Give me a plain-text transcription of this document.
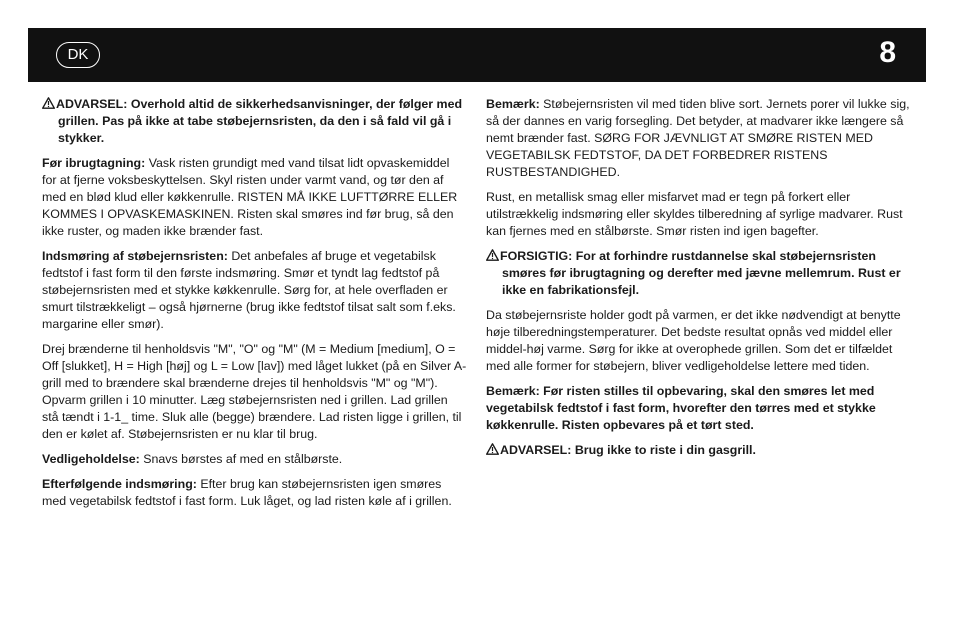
DK	8

ADVARSEL: Overhold altid de sikkerhedsanvisninger, der følger med grillen. Pas på ikke at tabe støbejernsristen, da den i så fald vil gå i stykker.

Før ibrugtagning: Vask risten grundigt med vand tilsat lidt opvaskemiddel for at fjerne voksbeskyttelsen. Skyl risten under varmt vand, og tør den af med en blød klud eller køkkenrulle. RISTEN MÅ IKKE LUFTTØRRE ELLER KOMMES I OPVASKEMASKINEN. Risten skal smøres ind før brug, så den ikke ruster, og maden ikke brænder fast.

Indsmøring af støbejernsristen: Det anbefales af bruge et vegetabilsk fedtstof i fast form til den første indsmøring. Smør et tyndt lag fedtstof på støbejernsristen med et stykke køkkenrulle. Sørg for, at hele overfladen er smurt tilstrækkeligt – også hjørnerne (brug ikke fedtstof tilsat salt som f.eks. margarine eller smør).

Drej brænderne til henholdsvis "M", "O" og "M" (M = Medium [medium], O = Off [slukket], H = High [høj] og L = Low [lav]) med låget lukket (på en Silver A-grill med to brændere skal brænderne drejes til henholdsvis "M" og "M"). Opvarm grillen i 10 minutter. Læg støbejernsristen ned i grillen. Lad grillen stå tændt i 1-1_ time. Sluk alle (begge) brændere. Lad risten ligge i grillen, til den er kølet af. Støbejernsristen er nu klar til brug.

Vedligeholdelse: Snavs børstes af med en stålbørste.

Efterfølgende indsmøring: Efter brug kan støbejernsristen igen smøres med vegetabilsk fedtstof i fast form. Luk låget, og lad risten køle af i grillen.

Bemærk: Støbejernsristen vil med tiden blive sort. Jernets porer vil lukke sig, så der dannes en varig forsegling. Det betyder, at madvarer ikke længere så nemt brænder fast. SØRG FOR JÆVNLIGT AT SMØRE RISTEN MED VEGETABILSK FEDTSTOF, DA DET FORBEDRER RISTENS RUSTBESTANDIGHED.

Rust, en metallisk smag eller misfarvet mad er tegn på forkert eller utilstrækkelig indsmøring eller skyldes tilberedning af syrlige madvarer. Rust kan fjernes med en stålbørste. Smør risten ind igen bagefter.

FORSIGTIG: For at forhindre rustdannelse skal støbejernsristen smøres før ibrugtagning og derefter med jævne mellemrum. Rust er ikke en fabrikationsfejl.

Da støbejernsriste holder godt på varmen, er det ikke nødvendigt at benytte høje tilberedningstemperaturer. Det bedste resultat opnås ved middel eller middel-høj varme. Sørg for ikke at overophede grillen. Som det er tilfældet med alle former for støbejern, bliver vedligeholdelse lettere med tiden.

Bemærk: Før risten stilles til opbevaring, skal den smøres let med vegetabilsk fedtstof i fast form, hvorefter den tørres med et stykke køkkenrulle. Risten opbevares på et tørt sted.

ADVARSEL: Brug ikke to riste i din gasgrill.
